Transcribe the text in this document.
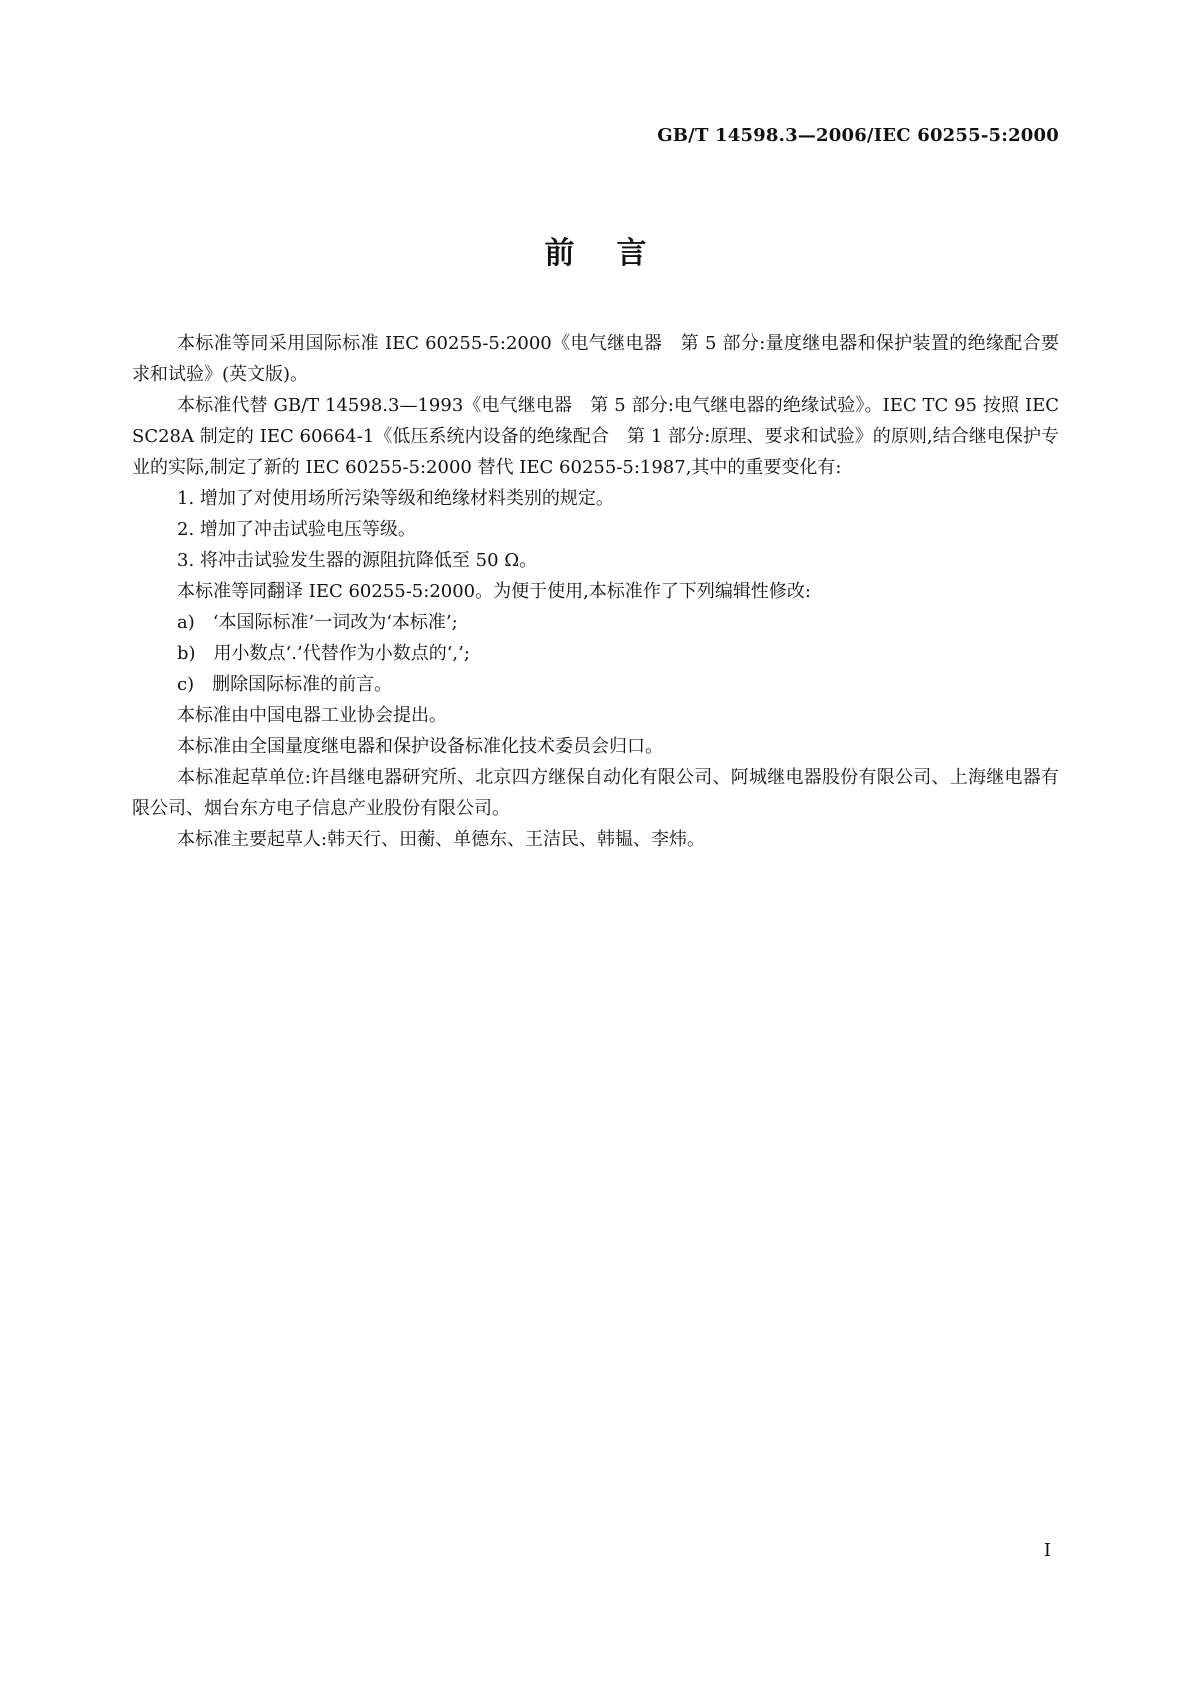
GB/T 14598.3—2006/IEC 60255-5:2000
前言

本标准等同采用国际标准 IEC 60255-5:2000《电气继电器　第 5 部分:量度继电器和保护装置的绝缘配合要求和试验》(英文版)。

本标准代替 GB/T 14598.3—1993《电气继电器　第 5 部分:电气继电器的绝缘试验》。IEC TC 95 按照 IEC SC28A 制定的 IEC 60664-1《低压系统内设备的绝缘配合　第 1 部分:原理、要求和试验》的原则,结合继电保护专业的实际,制定了新的 IEC 60255-5:2000 替代 IEC 60255-5:1987,其中的重要变化有:

1. 增加了对使用场所污染等级和绝缘材料类别的规定。

2. 增加了冲击试验电压等级。

3. 将冲击试验发生器的源阻抗降低至 50 Ω。

本标准等同翻译 IEC 60255-5:2000。为便于使用,本标准作了下列编辑性修改:

a)　‘本国际标准’一词改为‘本标准’;

b)　用小数点‘.’代替作为小数点的‘,’;

c)　删除国际标准的前言。

本标准由中国电器工业协会提出。

本标准由全国量度继电器和保护设备标准化技术委员会归口。

本标准起草单位:许昌继电器研究所、北京四方继保自动化有限公司、阿城继电器股份有限公司、上海继电器有限公司、烟台东方电子信息产业股份有限公司。

本标准主要起草人:韩天行、田蘅、单德东、王洁民、韩韫、李炜。

I
